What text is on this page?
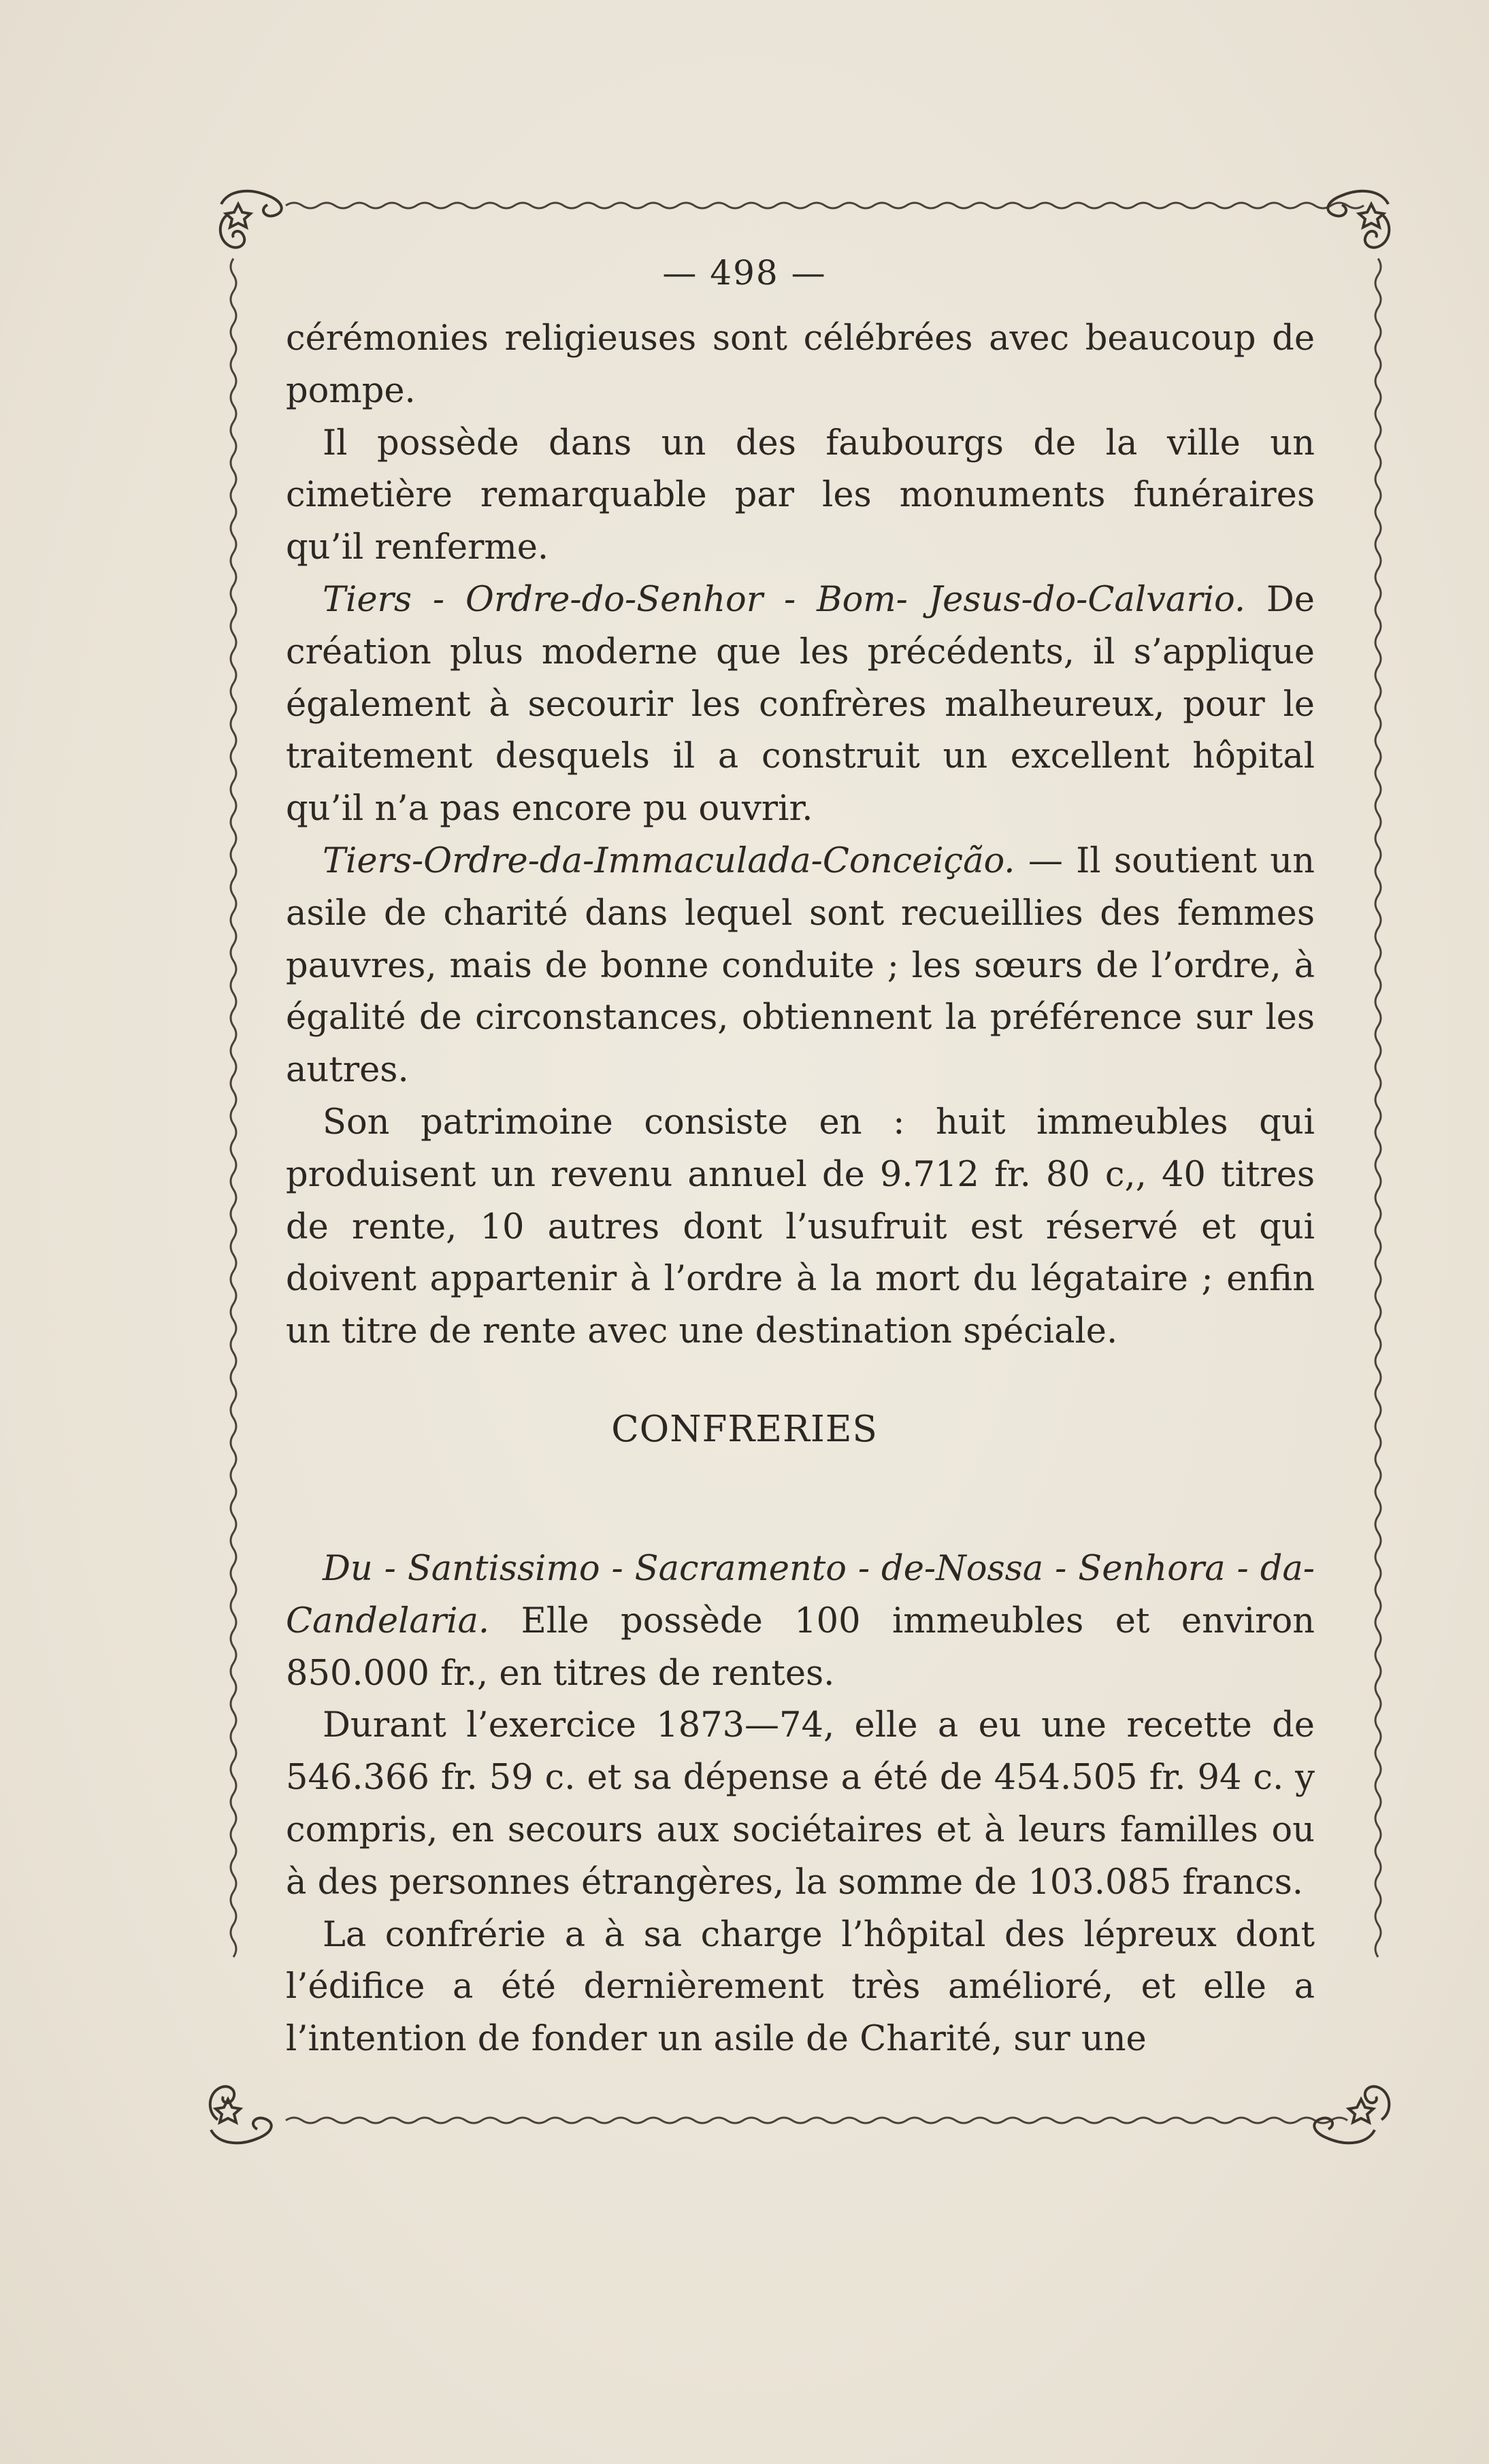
— 498 —

cérémonies religieuses sont célébrées avec beaucoup de pompe.

Il possède dans un des faubourgs de la ville un cimetière remarquable par les monuments funéraires qu’il renferme.

Tiers - Ordre-do-Senhor - Bom- Jesus-do-Calvario. De création plus moderne que les précédents, il s’applique également à secourir les confrères malheureux, pour le traitement desquels il a construit un excellent hôpital qu’il n’a pas encore pu ouvrir.

Tiers-Ordre-da-Immaculada-Conceição. — Il soutient un asile de charité dans lequel sont recueillies des femmes pauvres, mais de bonne conduite ; les sœurs de l’ordre, à égalité de circonstances, obtiennent la préférence sur les autres.

Son patrimoine consiste en : huit immeubles qui produisent un revenu annuel de 9.712 fr. 80 c,, 40 titres de rente, 10 autres dont l’usufruit est réservé et qui doivent appartenir à l’ordre à la mort du légataire ; enfin un titre de rente avec une destination spéciale.

CONFRERIES

Du - Santissimo - Sacramento - de-Nossa - Senhora - da-Candelaria. Elle possède 100 immeubles et environ 850.000 fr., en titres de rentes.

Durant l’exercice 1873—74, elle a eu une recette de 546.366 fr. 59 c. et sa dépense a été de 454.505 fr. 94 c. y compris, en secours aux sociétaires et à leurs familles ou à des personnes étrangères, la somme de 103.085 francs.

La confrérie a à sa charge l’hôpital des lépreux dont l’édifice a été dernièrement très amélioré, et elle a l’intention de fonder un asile de Charité, sur une
